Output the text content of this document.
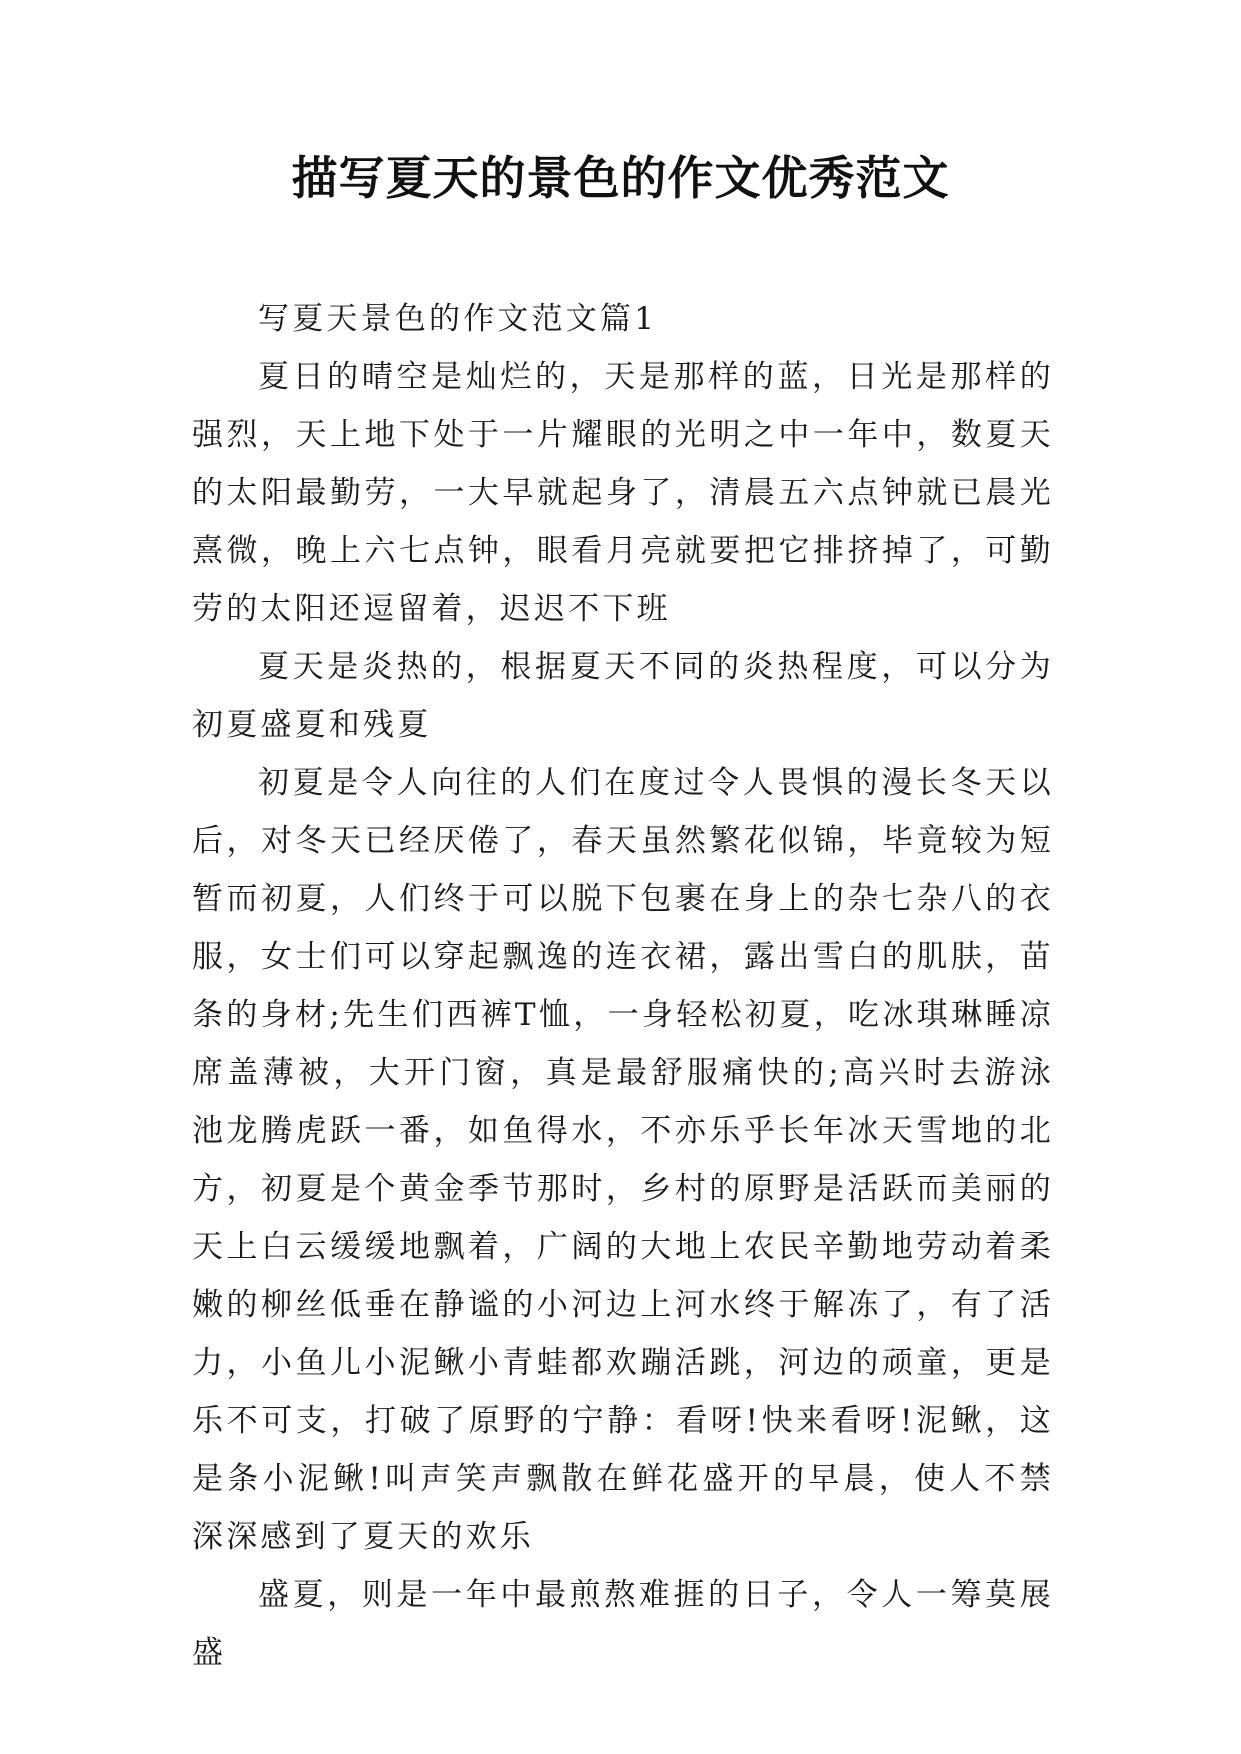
描写夏天的景色的作文优秀范文

写夏天景色的作文范文篇1

夏日的晴空是灿烂的，天是那样的蓝，日光是那样的强烈，天上地下处于一片耀眼的光明之中一年中，数夏天的太阳最勤劳，一大早就起身了，清晨五六点钟就已晨光熹微，晚上六七点钟，眼看月亮就要把它排挤掉了，可勤劳的太阳还逗留着，迟迟不下班

夏天是炎热的，根据夏天不同的炎热程度，可以分为初夏盛夏和残夏

初夏是令人向往的人们在度过令人畏惧的漫长冬天以后，对冬天已经厌倦了，春天虽然繁花似锦，毕竟较为短暂而初夏，人们终于可以脱下包裹在身上的杂七杂八的衣服，女士们可以穿起飘逸的连衣裙，露出雪白的肌肤，苗条的身材;先生们西裤T恤，一身轻松初夏，吃冰琪琳睡凉席盖薄被，大开门窗，真是最舒服痛快的;高兴时去游泳池龙腾虎跃一番，如鱼得水，不亦乐乎长年冰天雪地的北方，初夏是个黄金季节那时，乡村的原野是活跃而美丽的天上白云缓缓地飘着，广阔的大地上农民辛勤地劳动着柔嫩的柳丝低垂在静谧的小河边上河水终于解冻了，有了活力，小鱼儿小泥鳅小青蛙都欢蹦活跳，河边的顽童，更是乐不可支，打破了原野的宁静：看呀!快来看呀!泥鳅，这是条小泥鳅!叫声笑声飘散在鲜花盛开的早晨，使人不禁深深感到了夏天的欢乐

盛夏，则是一年中最煎熬难捱的日子，令人一筹莫展盛
